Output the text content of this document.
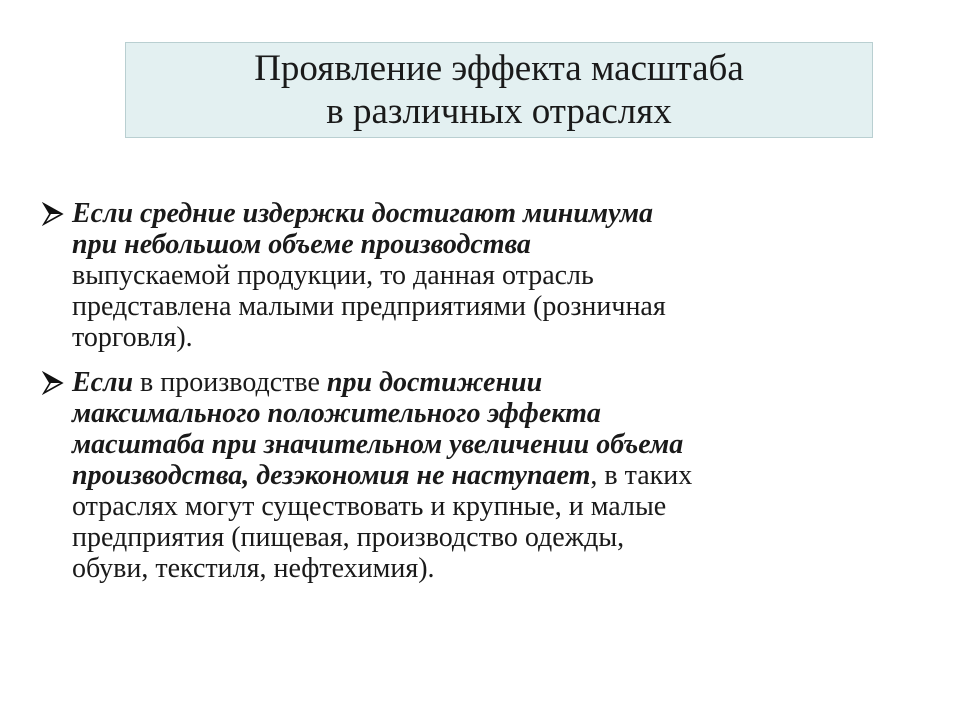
Проявление эффекта масштаба
в различных отраслях
Если средние издержки достигают минимума
при небольшом объеме производства
выпускаемой продукции, то данная отрасль
представлена малыми предприятиями (розничная
торговля).
Если в производстве при достижении
максимального положительного эффекта
масштаба при значительном увеличении объема
производства, дезэкономия не наступает, в таких
отраслях могут существовать и крупные, и малые
предприятия (пищевая, производство одежды,
обуви, текстиля, нефтехимия).
